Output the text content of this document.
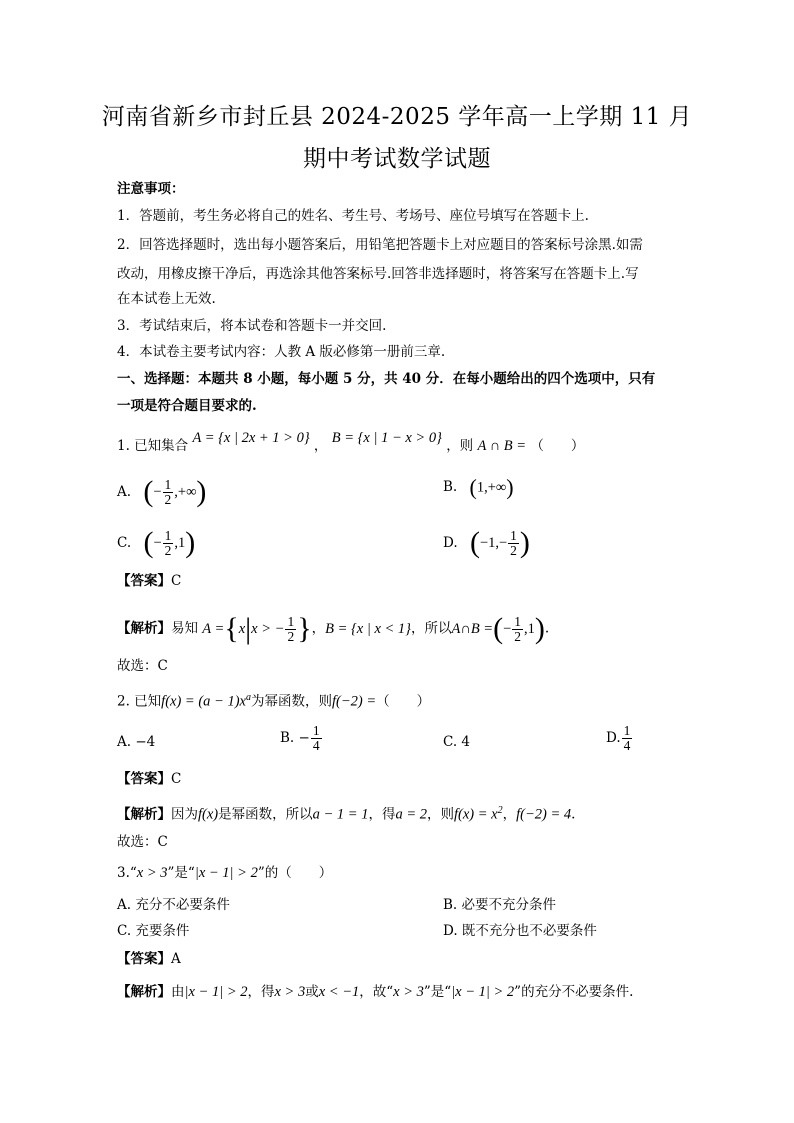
河南省新乡市封丘县 2024-2025 学年高一上学期 11 月
期中考试数学试题
注意事项：
1．答题前，考生务必将自己的姓名、考生号、考场号、座位号填写在答题卡上.
2．回答选择题时，选出每小题答案后，用铅笔把答题卡上对应题目的答案标号涂黑.如需
改动，用橡皮擦干净后，再选涂其他答案标号.回答非选择题时，将答案写在答题卡上.写
在本试卷上无效.
3．考试结束后，将本试卷和答题卡一并交回.
4．本试卷主要考试内容：人教 A 版必修第一册前三章.
一、选择题：本题共 8 小题，每小题 5 分，共 40 分．在每小题给出的四个选项中，只有
一项是符合题目要求的.
1. 已知集合 A = {x | 2x + 1 > 0} ， B = {x | 1 − x > 0} ，则 A ∩ B = （　　）
A. (− $\frac{1}{2}$ ,+∞)	B. (1,+∞)
C. (− $\frac{1}{2} ,1$)	D. ($-1,- \frac{1}{2}$ )
【答案】C
【解析】易知 A ={x|x > − $\frac{1}{2}$ }，B = {x | x < 1}，所以A∩B =(− $\frac{1}{2} ,1$).
故选：C
2. 已知$f(x) = (a - 1)x^a$为幂函数，则f(−2) =（　　）
A. −4	B. − $\frac{1}{4}$	C. 4	D. $\frac{1}{4}$
【答案】C
【解析】因为f(x)是幂函数，所以a − 1 = 1，得a = 2，则$f(x) = x^2$，f(−2) = 4.
故选：C
3.“x > 3”是“|x − 1| > 2”的（　　）
A. 充分不必要条件	B. 必要不充分条件
C. 充要条件	D. 既不充分也不必要条件
【答案】A
【解析】由|x − 1| > 2，得x > 3或x < −1，故“x > 3”是“|x − 1| > 2”的充分不必要条件.
